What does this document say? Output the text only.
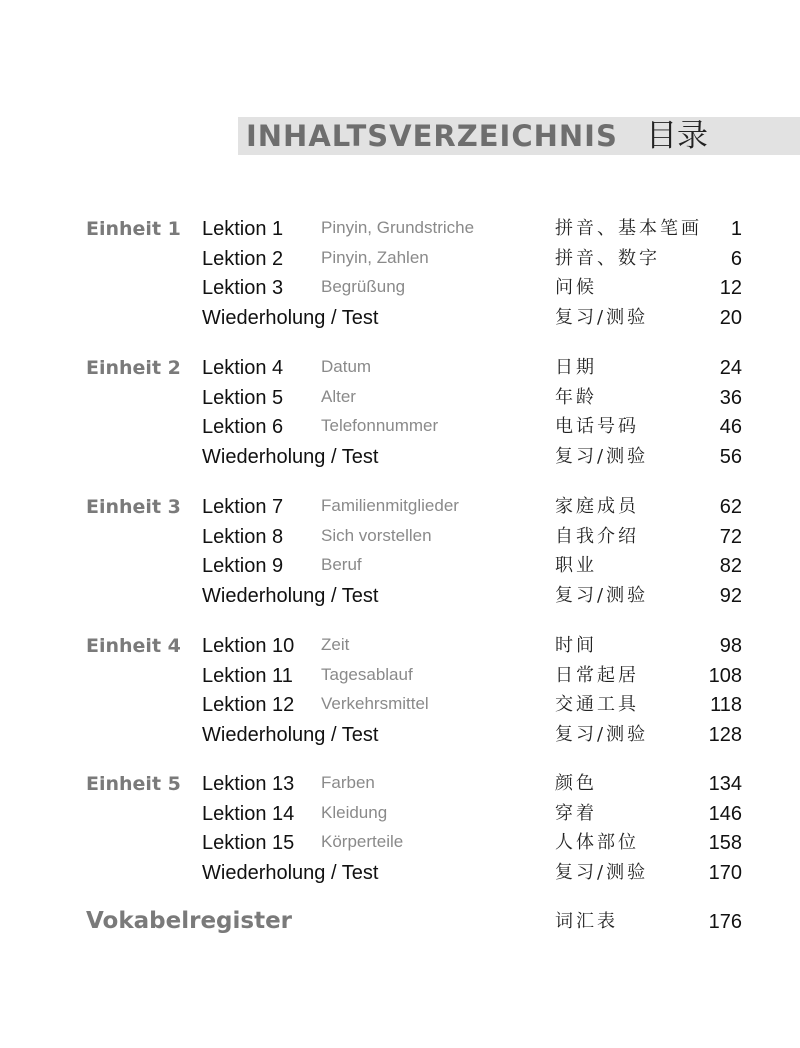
INHALTSVERZEICHNIS 目录
Einheit 1 Lektion 1 Pinyin, Grundstriche	拼音、基本笔画 1
Lektion 2 Pinyin, Zahlen	拼音、数字	6
Lektion 3 Begrüßung	问候	12
Wiederholung / Test	复习/测验	20
Einheit 2 Lektion 4 Datum	日期	24
Lektion 5 Alter	年龄	36
Lektion 6 Telefonnummer	电话号码	46
Wiederholung / Test	复习/测验	56
Einheit 3 Lektion 7 Familienmitglieder	家庭成员	62
Lektion 8 Sich vorstellen	自我介绍	72
Lektion 9 Beruf	职业	82
Wiederholung / Test	复习/测验	92
Einheit 4 Lektion 10 Zeit	时间	98
Lektion 11 Tagesablauf	日常起居	108
Lektion 12 Verkehrsmittel	交通工具	118
Wiederholung / Test	复习/测验	128
Einheit 5 Lektion 13 Farben	颜色	134
Lektion 14 Kleidung	穿着	146
Lektion 15 Körperteile	人体部位	158
Wiederholung / Test	复习/测验	170
Vokabelregister	词汇表	176
